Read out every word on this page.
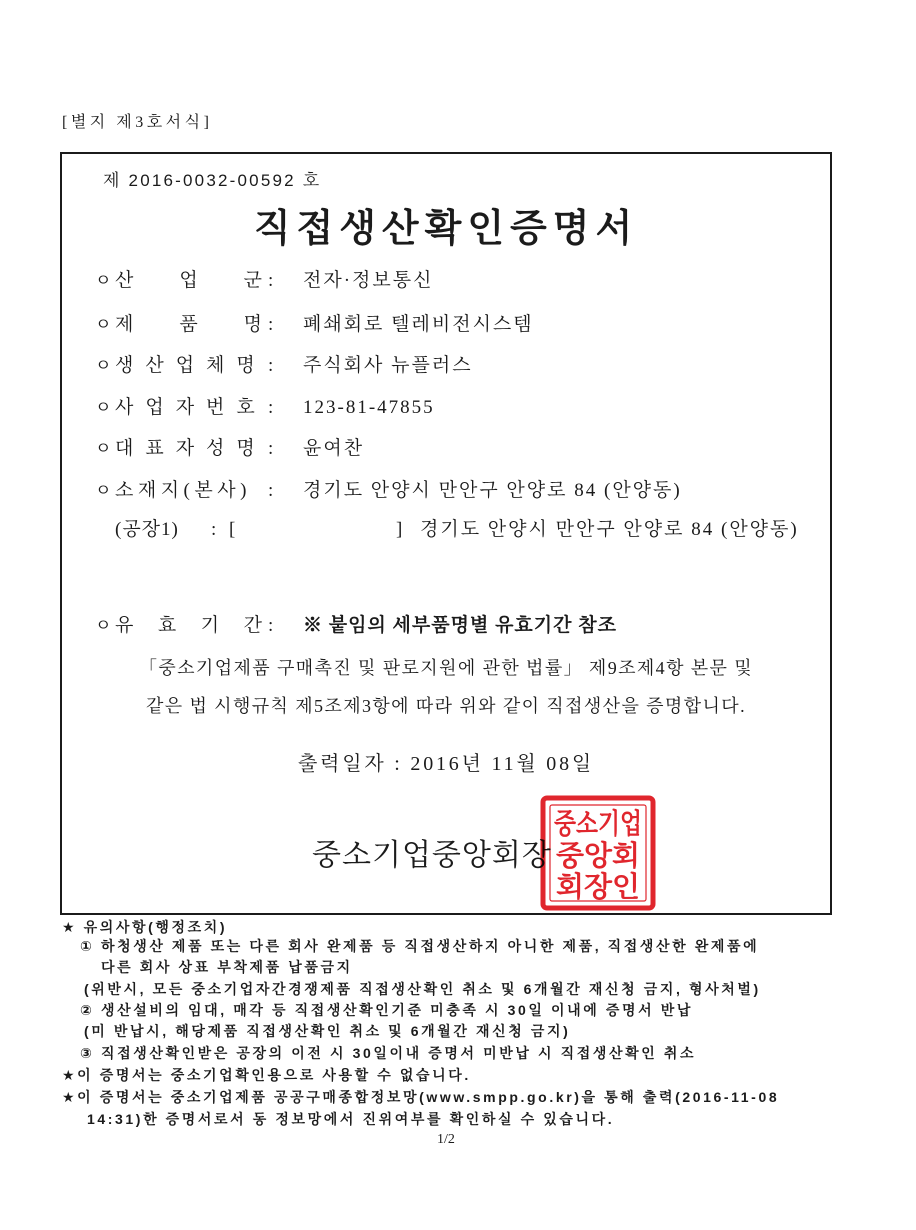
[별지 제3호서식]
제 2016-0032-00592 호
직접생산확인증명서
ㅇ 산 업 군 : 전자·정보통신
ㅇ 제 품 명 : 폐쇄회로 텔레비전시스템
ㅇ 생산업체명 : 주식회사 뉴플러스
ㅇ 사업자번호 : 123-81-47855
ㅇ 대표자성명 : 윤여찬
ㅇ 소재지(본사) : 경기도 안양시 만안구 안양로 84 (안양동)
(공장1) : [	] 경기도 안양시 만안구 안양로 84 (안양동)
ㅇ 유 효 기 간 : ※ 붙임의 세부품명별 유효기간 참조
「중소기업제품 구매촉진 및 판로지원에 관한 법률」 제9조제4항 본문 및
같은 법 시행규칙 제5조제3항에 따라 위와 같이 직접생산을 증명합니다.
출력일자 : 2016년 11월 08일
중소기업중앙회장
중소기업
중앙회
회장인
★ 유의사항(행정조치)
① 하청생산 제품 또는 다른 회사 완제품 등 직접생산하지 아니한 제품, 직접생산한 완제품에
다른 회사 상표 부착제품 납품금지
(위반시, 모든 중소기업자간경쟁제품 직접생산확인 취소 및 6개월간 재신청 금지, 형사처벌)
② 생산설비의 임대, 매각 등 직접생산확인기준 미충족 시 30일 이내에 증명서 반납
(미 반납시, 해당제품 직접생산확인 취소 및 6개월간 재신청 금지)
③ 직접생산확인받은 공장의 이전 시 30일이내 증명서 미반납 시 직접생산확인 취소
★이 증명서는 중소기업확인용으로 사용할 수 없습니다.
★이 증명서는 중소기업제품 공공구매종합정보망(www.smpp.go.kr)을 통해 출력(2016-11-08
14:31)한 증명서로서 동 정보망에서 진위여부를 확인하실 수 있습니다.
1/2
